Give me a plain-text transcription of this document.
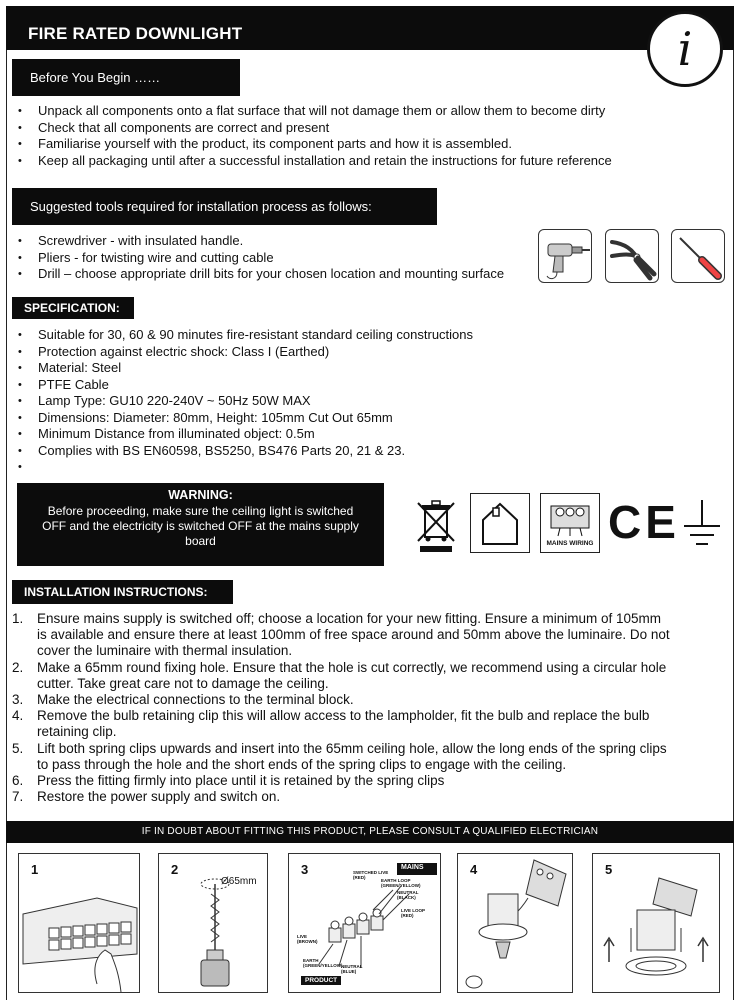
FIRE RATED DOWNLIGHT	i
Before You Begin ……
• Unpack all components onto a flat surface that will not damage them or allow them to become dirty
• Check that all components are correct and present
• Familiarise yourself with the product, its component parts and how it is assembled.
• Keep all packaging until after a successful installation and retain the instructions for future reference
Suggested tools required for installation process as follows:
• Screwdriver - with insulated handle.
• Pliers - for twisting wire and cutting cable
• Drill – choose appropriate drill bits for your chosen location and mounting surface
SPECIFICATION:
• Suitable for 30, 60 & 90 minutes fire-resistant standard ceiling constructions
• Protection against electric shock: Class I (Earthed)
• Material: Steel
• PTFE Cable
• Lamp Type: GU10 220-240V ~ 50Hz 50W MAX
• Dimensions: Diameter: 80mm, Height: 105mm Cut Out 65mm
• Minimum Distance from illuminated object: 0.5m
• Complies with BS EN60598, BS5250, BS476 Parts 20, 21 & 23.
•
WARNING:
Before proceeding, make sure the ceiling light is switched
OFF and the electricity is switched OFF at the mains supply
board	MAINS WIRING CE
INSTALLATION INSTRUCTIONS:
1. Ensure mains supply is switched off; choose a location for your new fitting. Ensure a minimum of 105mm
is available and ensure there at least 100mm of free space around and 50mm above the luminaire. Do not
cover the luminaire with thermal insulation.
2. Make a 65mm round fixing hole. Ensure that the hole is cut correctly, we recommend using a circular hole
cutter. Take great care not to damage the ceiling.
3. Make the electrical connections to the terminal block.
4. Remove the bulb retaining clip this will allow access to the lampholder, fit the bulb and replace the bulb
retaining clip.
5. Lift both spring clips upwards and insert into the 65mm ceiling hole, allow the long ends of the spring clips
to pass through the hole and the short ends of the spring clips to engage with the ceiling.
6. Press the fitting firmly into place until it is retained by the spring clips
7. Restore the power supply and switch on.
IF IN DOUBT ABOUT FITTING THIS PRODUCT, PLEASE CONSULT A QUALIFIED ELECTRICIAN
1	2
Ø65mm
3	MAINS
SWITCHED LIVE
(RED)
EARTH LOOP
(GREEN/YELLOW)
NEUTRAL
(BLACK)
LIVE LOOP
(RED)
LIVE
(BROWN)
EARTH
(GREEN/YELLOW)
NEUTRAL
(BLUE)
PRODUCT
4	5
